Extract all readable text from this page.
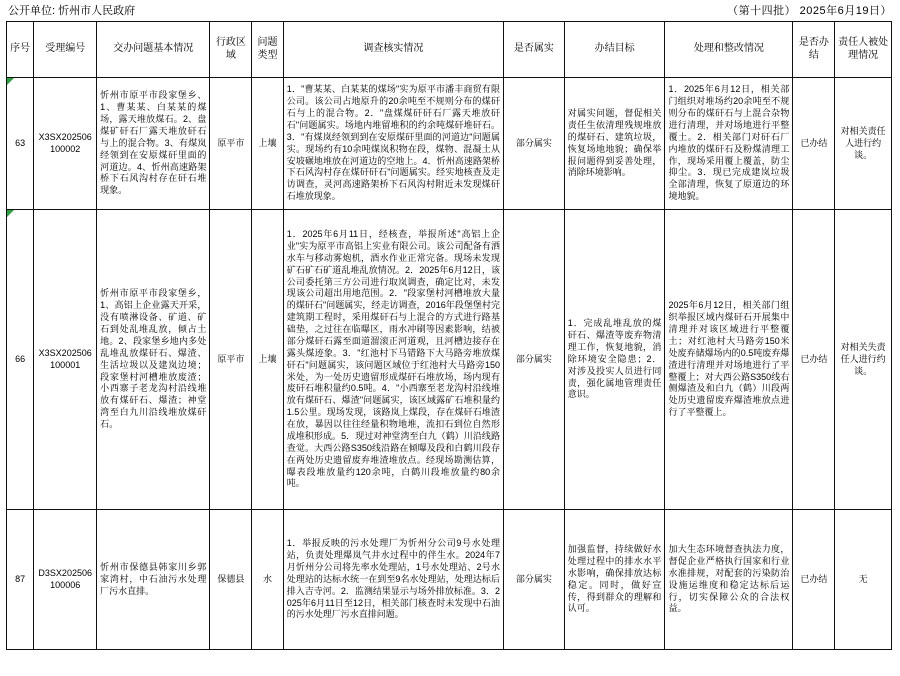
公开单位: 忻州市人民政府	（第十四批） 2025年6月19日）
序号	受理编号	交办问题基本情况	行政区域	问题类型	调查核实情况	是否属实	办结目标	处理和整改情况	是否办结	责任人被处理情况

63	X3SX202506100002	忻州市原平市段家堡乡、1、曹某某、白某某的煤场，露天堆放煤石。2、盘煤矿矸石厂露天堆放矸石与上的混合物。3、有煤岚经领到在安原煤矸里面的河道边。4、忻州高速路架桥下石风沟村存在矸石堆现象。	原平市	上壤	1．"曹某某、白某某的煤场"实为原平市潘丰商贸有限公司。该公司占地原升的20余吨至不规则分布的煤矸石与上的混合物。2．"盘煤煤矸矸石厂露天堆放矸石"问题属实。场地内堆留堆积的约余吨煤矸堆矸石。3．"有煤岚经领到到在安原煤矸里面的河道边"问题属实。现场约有10余吨煤岚积物在段，煤物、混凝土从安坡碾地堆放在河道边的空地上。4．忻州高速路架桥下石风沟村存在煤矸矸石"问题属实。经实地核查及走访调查，灵河高速路架桥下石风沟村附近未发现煤矸石堆放现象。	部分属实	对属实问题，督促相关责任生依清理残规堆放的煤矸石、建筑垃圾，恢复场地地貌；确保举报问题得到妥善处理，消除环境影响。	1．2025年6月12日，相关部门组织对堆场约20余吨至不规则分布的煤矸石与上混合杂物进行清理，并对场地进行平整覆土。2．相关部门对矸石厂内堆放的煤矸石及粉煤清理工作，现场采用覆上覆盖，防尘抑尘。3．现已完成建岚垃圾全部清理，恢复了原道边的环境地貌。	已办结	对相关责任人进行约谈。

66	X3SX202506100001	忻州市原平市段家堡乡，1、高铝上企业露天开采，没有喷淋设备、矿道、矿石到处乱堆乱放，倾占土地。2、段家堡乡地内多处乱堆乱放煤矸石、爆渣、生活垃圾以及建岚边境；段家堡村河槽堆放废渣；小西寨子老龙沟村沿线堆放有煤矸石、爆渣；神堂湾至白九川沿线堆放煤矸石。	原平市	上壤	1．2025年6月11日，经核查，举报所述"高铝上企业"实为原平市高铝上实业有限公司。该公司配备有洒水车与移动雾炮机，酒水作业正常完备。现场未发现矿石矿石矿道乱堆乱放情况。2．2025年6月12日，该公司委托第三方公司进行取岚调查，确定比对，未发现该公司超出用地范围。2．"段家堡村河槽堆放大量的煤矸石"问题属实，经走访调查，2016年段堡堡村完建筑期工程时，采用煤矸石与上混合的方式进行路基础垫，之过往在临曝区，雨水冲刷等因素影响，结被部分煤矸石露至面道溜滚正河道观，且河槽边接存在露头煤迹象。3．"红池村下马错路下大马路旁堆放煤矸石"问题属实，该问题区域位于红池村大马路旁150米处，为一处历史遗留形成煤矸石堆放场，场内现有废矸石堆积量约0.5吨。4．"小西寨至老龙沟村沿线堆放有煤矸石、爆渣"问题属实，该区域露矿石堆积量约1.5公里。现场发现，该路岚上煤段，存在煤矸石堆渣在放，暴因以往往经量积物地堆，流扣石到位自然形成堆积形成。5．现过对神堂湾至白九（鹤）川沿线路查觉。大西公路S350线沿路在倾曝及段和白鹤川段存在两处历史遗留废弃堆渣堆放点。经现场勘测估算，曝表段堆放量约120余吨，白鹤川段堆放量约80余吨。	部分属实	1．完成乱堆乱放的煤矸石、爆渣等废弃物清理工作，恢复地貌，消除环境安全隐患；2．对涉及投实人员进行同责，强化属地管理责任意识。	2025年6月12日，相关部门组织举报区域内煤矸石开展集中清理并对该区域进行平整覆土；对红池村大马路旁150米处废弃储爆场内的0.5吨废弃爆渣进行清理并对场地进行了平整覆上；对大西公路S350线右侧爆渣及和白九（鹤）川段两处历史遗留废弃爆渣堆放点进行了平整覆上。	已办结	对相关失责任人进行约谈。
87	D3SX202506100006	忻州市保德县韩家川乡郭家湾村，中石油污水处理厂污水直排。	保德县	水	1．举报反映的污水处理厂为忻州分公司9号水处理站，负责处理爆岚气井水过程中的伴生水。2024年7月忻州分公司将先率水处理站，1号水处理站、2号水处理站的达标水统一在到至9名水处理站，处理达标后排入吉寺河。2．监测结果显示与场外排放标准。3．2025年6月11日至12日，相关部门核查时未发现中石油的污水处理厂污水直排问题。	部分属实	加强监督，持续做好水处理过程中的排水水平水影响，确保排放达标稳定。同时，做好宣传，得到群众的理解和认可。	加大生态环境督查执法力度，督促企业严格执行国家和行业水准排规，对配套的污染防治设施运维度和稳定达标后运行，切实保障公众的合法权益。	已办结	无
